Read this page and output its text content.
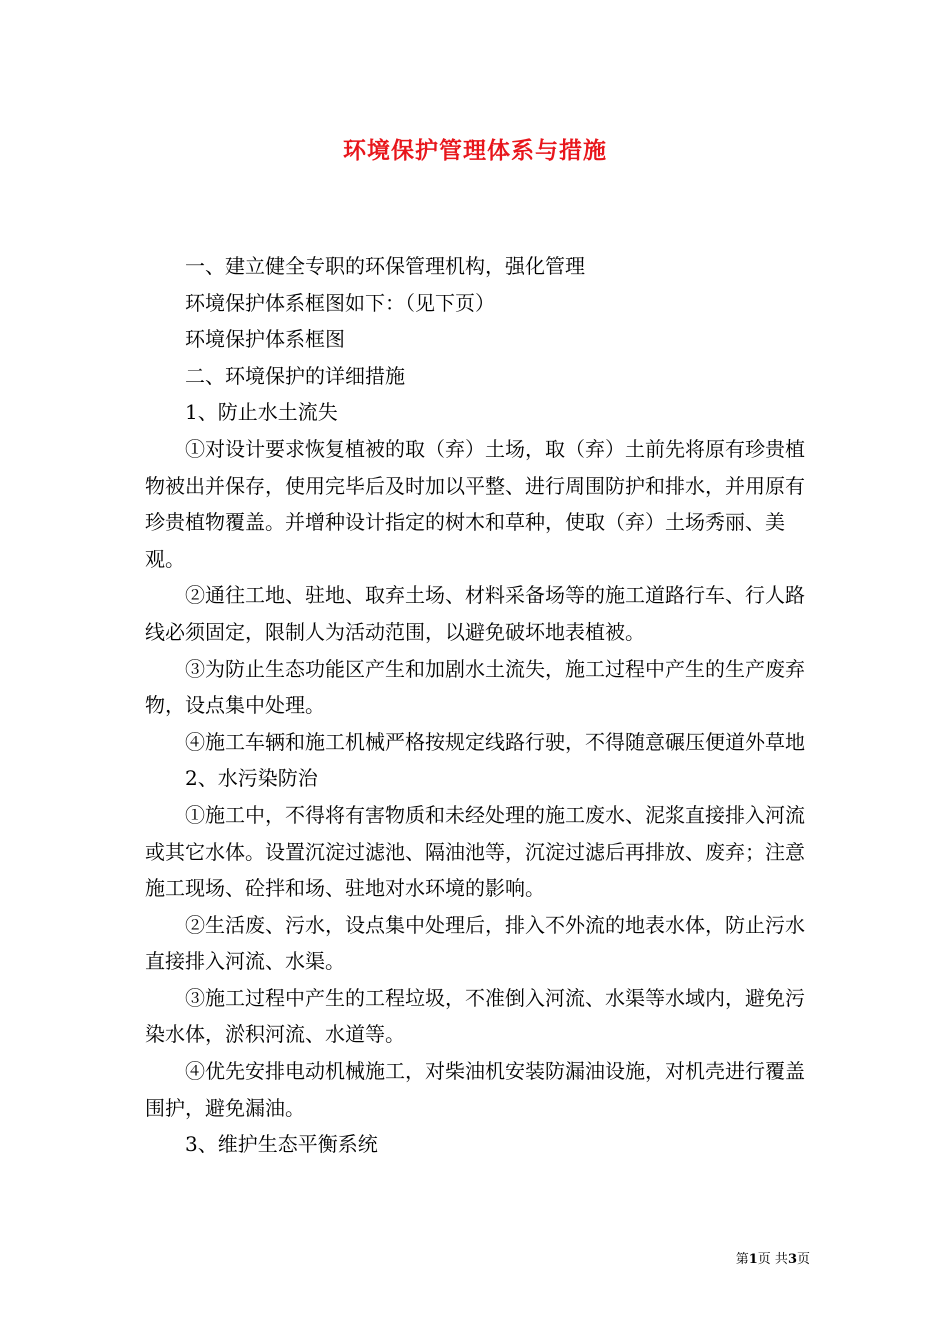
环境保护管理体系与措施

一、建立健全专职的环保管理机构，强化管理

环境保护体系框图如下：（见下页）

环境保护体系框图

二、环境保护的详细措施

1、防止水土流失

①对设计要求恢复植被的取（弃）土场，取（弃）土前先将原有珍贵植物被出并保存，使用完毕后及时加以平整、进行周围防护和排水，并用原有珍贵植物覆盖。并增种设计指定的树木和草种，使取（弃）土场秀丽、美观。

②通往工地、驻地、取弃土场、材料采备场等的施工道路行车、行人路线必须固定，限制人为活动范围，以避免破坏地表植被。

③为防止生态功能区产生和加剧水土流失，施工过程中产生的生产废弃物，设点集中处理。

④施工车辆和施工机械严格按规定线路行驶，不得随意碾压便道外草地

2、水污染防治

①施工中，不得将有害物质和未经处理的施工废水、泥浆直接排入河流或其它水体。设置沉淀过滤池、隔油池等，沉淀过滤后再排放、废弃；注意施工现场、砼拌和场、驻地对水环境的影响。

②生活废、污水，设点集中处理后，排入不外流的地表水体，防止污水直接排入河流、水渠。

③施工过程中产生的工程垃圾，不准倒入河流、水渠等水域内，避免污染水体，淤积河流、水道等。

④优先安排电动机械施工，对柴油机安装防漏油设施，对机壳进行覆盖围护，避免漏油。

3、维护生态平衡系统

第1页 共3页
